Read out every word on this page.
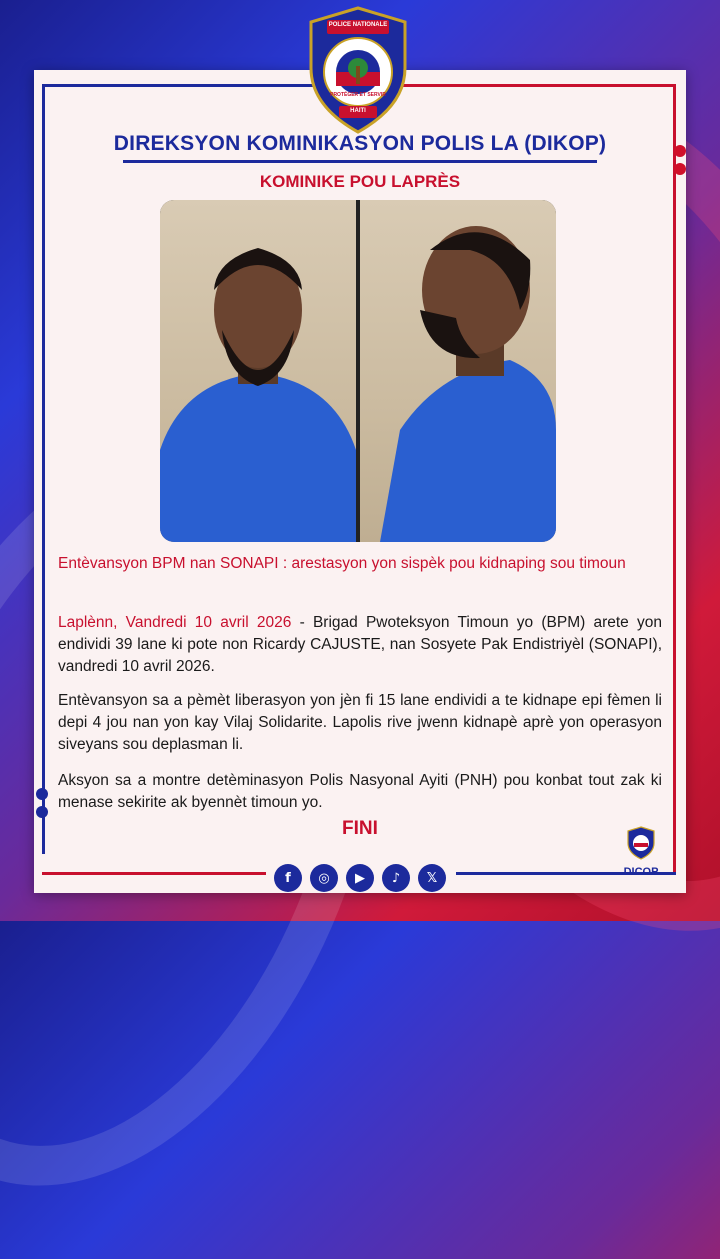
POLICE NATIONALE
PROTÉGER ET SERVIR
HAITI
DIREKSYON KOMINIKASYON POLIS LA (DIKOP)
KOMINIKE POU LAPRÈS
Entèvansyon BPM nan SONAPI : arestasyon yon sispèk pou kidnaping sou timoun
Laplènn, Vandredi 10 avril 2026 - Brigad Pwoteksyon Timoun yo (BPM) arete yon endividi 39 lane ki pote non Ricardy CAJUSTE, nan Sosyete Pak Endistriyèl (SONAPI), vandredi 10 avril 2026.
Entèvansyon sa a pèmèt liberasyon yon jèn fi 15 lane endividi a te kidnape epi fèmen li depi 4 jou nan yon kay Vilaj Solidarite. Lapolis rive jwenn kidnapè aprè yon operasyon siveyans sou deplasman li.
Aksyon sa a montre detèminasyon Polis Nasyonal Ayiti (PNH) pou konbat tout zak ki menase sekirite ak byennèt timoun yo.
FINI
f	◎	▶	♪	𝕏	DICOP
